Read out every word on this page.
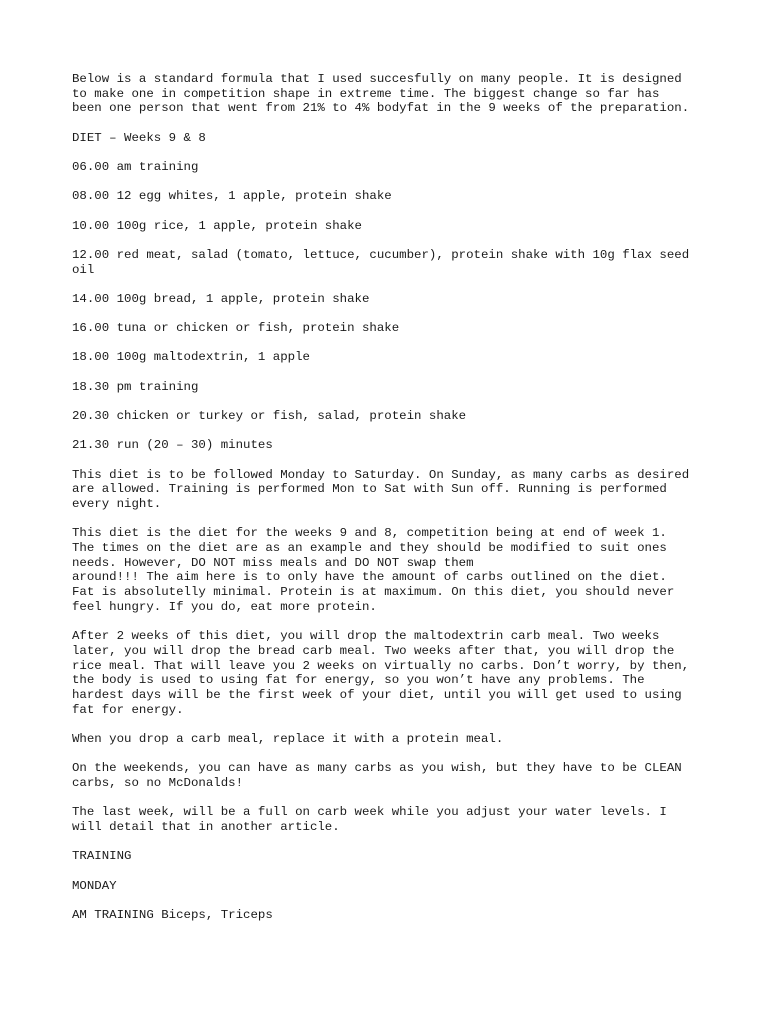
Below is a standard formula that I used succesfully on many people. It is designed
to make one in competition shape in extreme time. The biggest change so far has
been one person that went from 21% to 4% bodyfat in the 9 weeks of the preparation.

DIET – Weeks 9 & 8

06.00 am training

08.00 12 egg whites, 1 apple, protein shake

10.00 100g rice, 1 apple, protein shake

12.00 red meat, salad (tomato, lettuce, cucumber), protein shake with 10g flax seed
oil

14.00 100g bread, 1 apple, protein shake

16.00 tuna or chicken or fish, protein shake

18.00 100g maltodextrin, 1 apple

18.30 pm training

20.30 chicken or turkey or fish, salad, protein shake

21.30 run (20 – 30) minutes

This diet is to be followed Monday to Saturday. On Sunday, as many carbs as desired
are allowed. Training is performed Mon to Sat with Sun off. Running is performed
every night.

This diet is the diet for the weeks 9 and 8, competition being at end of week 1.
The times on the diet are as an example and they should be modified to suit ones
needs. However, DO NOT miss meals and DO NOT swap them
around!!! The aim here is to only have the amount of carbs outlined on the diet.
Fat is absolutelly minimal. Protein is at maximum. On this diet, you should never
feel hungry. If you do, eat more protein.

After 2 weeks of this diet, you will drop the maltodextrin carb meal. Two weeks
later, you will drop the bread carb meal. Two weeks after that, you will drop the
rice meal. That will leave you 2 weeks on virtually no carbs. Don’t worry, by then,
the body is used to using fat for energy, so you won’t have any problems. The
hardest days will be the first week of your diet, until you will get used to using
fat for energy.

When you drop a carb meal, replace it with a protein meal.

On the weekends, you can have as many carbs as you wish, but they have to be CLEAN
carbs, so no McDonalds!

The last week, will be a full on carb week while you adjust your water levels. I
will detail that in another article.

TRAINING

MONDAY

AM TRAINING Biceps, Triceps
